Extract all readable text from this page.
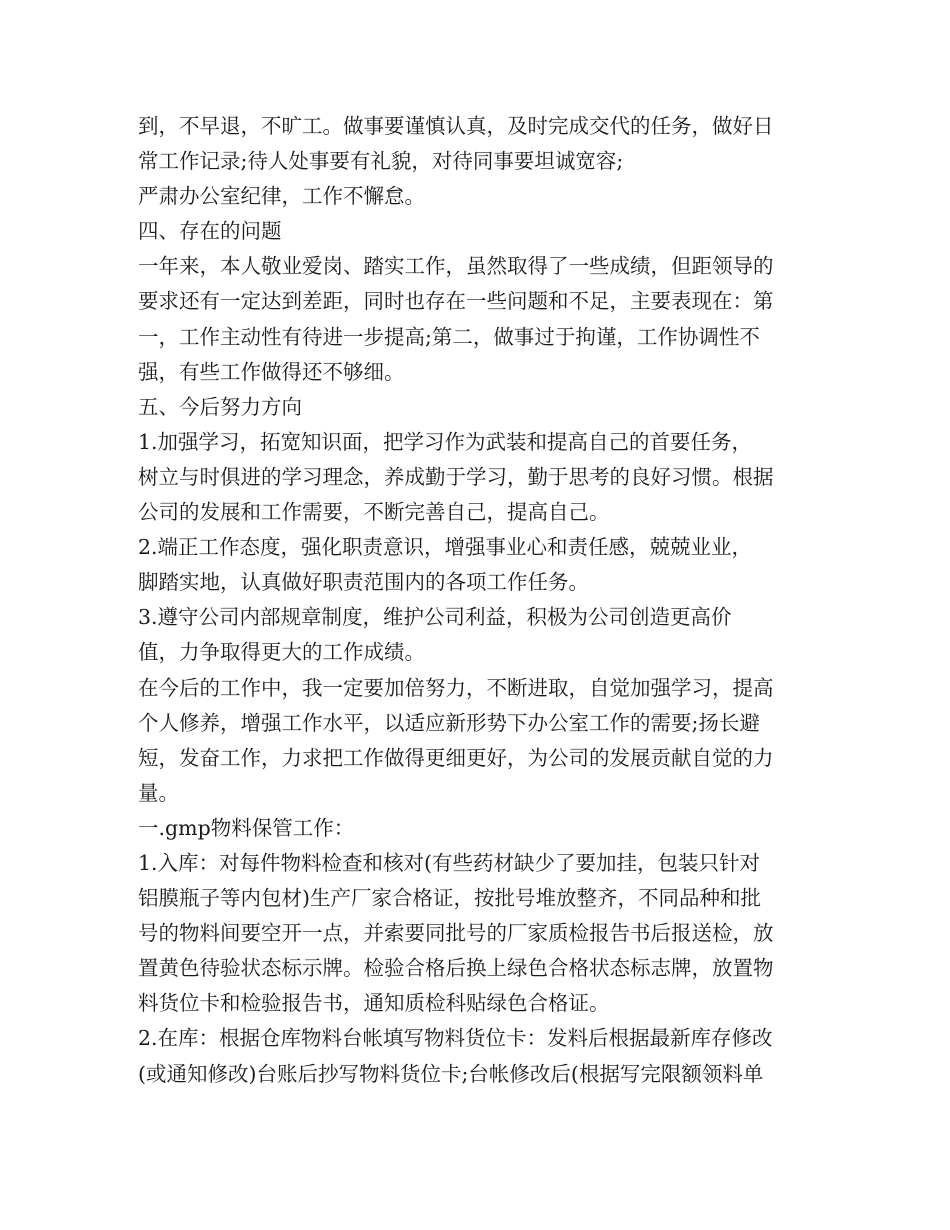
到，不早退，不旷工。做事要谨慎认真，及时完成交代的任务，做好日
常工作记录;待人处事要有礼貌，对待同事要坦诚宽容;
严肃办公室纪律，工作不懈怠。
四、存在的问题
一年来，本人敬业爱岗、踏实工作，虽然取得了一些成绩，但距领导的
要求还有一定达到差距，同时也存在一些问题和不足，主要表现在：第
一，工作主动性有待进一步提高;第二，做事过于拘谨，工作协调性不
强，有些工作做得还不够细。
五、今后努力方向
1.加强学习，拓宽知识面，把学习作为武装和提高自己的首要任务，
树立与时俱进的学习理念，养成勤于学习，勤于思考的良好习惯。根据
公司的发展和工作需要，不断完善自己，提高自己。
2.端正工作态度，强化职责意识，增强事业心和责任感，兢兢业业，
脚踏实地，认真做好职责范围内的各项工作任务。
3.遵守公司内部规章制度，维护公司利益，积极为公司创造更高价
值，力争取得更大的工作成绩。
在今后的工作中，我一定要加倍努力，不断进取，自觉加强学习，提高
个人修养，增强工作水平，以适应新形势下办公室工作的需要;扬长避
短，发奋工作，力求把工作做得更细更好，为公司的发展贡献自觉的力
量。
一.gmp物料保管工作：
1.入库：对每件物料检查和核对(有些药材缺少了要加挂，包装只针对
铝膜瓶子等内包材)生产厂家合格证，按批号堆放整齐，不同品种和批
号的物料间要空开一点，并索要同批号的厂家质检报告书后报送检，放
置黄色待验状态标示牌。检验合格后换上绿色合格状态标志牌，放置物
料货位卡和检验报告书，通知质检科贴绿色合格证。
2.在库：根据仓库物料台帐填写物料货位卡：发料后根据最新库存修改
(或通知修改)台账后抄写物料货位卡;台帐修改后(根据写完限额领料单
